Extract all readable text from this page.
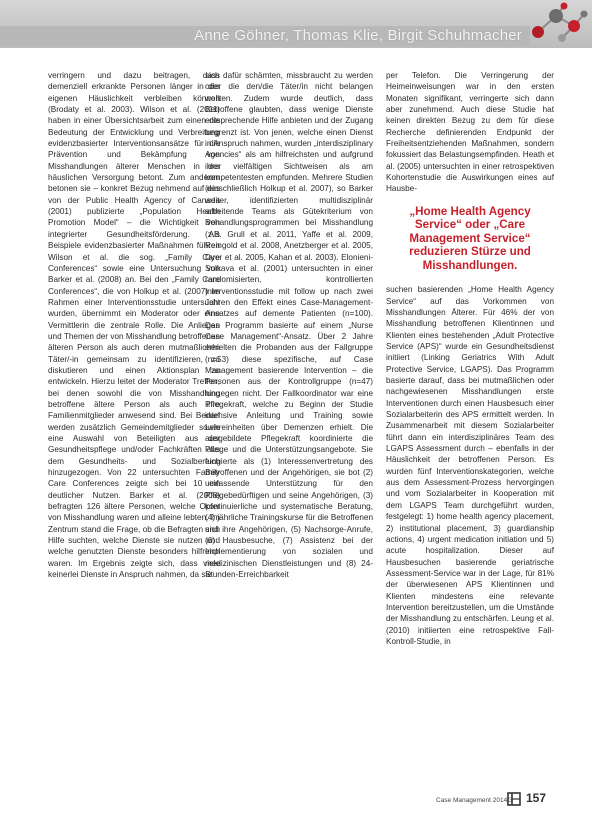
Anne Göhner, Thomas Klie, Birgit Schuhmacher

verringern und dazu beitragen, dass demenziell erkrankte Personen länger in der eigenen Häuslichkeit verbleiben können (Brodaty et al. 2003). Wilson et al. (2011) haben in einer Übersichtsarbeit zum einen die Bedeutung der Entwicklung und Verbreitung evidenzbasierter Interventionsansätze für die Prävention und Bekämpfung von Misshandlungen älterer Menschen in der häuslichen Versorgung betont. Zum anderen betonen sie – konkret Bezug nehmend auf das von der Public Health Agency of Canada (2001) publizierte „Population Health Promotion Model“ – die Wichtigkeit von integrierter Gesundheitsförderung. Als Beispiele evidenzbasierter Maßnahmen führen Wilson et al. die sog. „Family Care Conferences“ sowie eine Untersuchung von Barker et al. (2008) an. Bei den „Family Care Conferences“, die von Holkup et al. (2007) im Rahmen einer Interventionsstudie untersucht wurden, übernimmt ein Moderator oder eine Vermittlerin die zentrale Rolle. Die Anliegen und Themen der von Misshandlung betroffenen älteren Person als auch deren mutmaßlichen Täter/-in gemeinsam zu identifizieren, zu diskutieren und einen Aktionsplan zu entwickeln. Hierzu leitet der Moderator Treffen, bei denen sowohl die von Misshandlung betroffene ältere Person als auch ihre Familienmitglieder anwesend sind. Bei Bedarf werden zusätzlich Gemeindemitglieder sowie eine Auswahl von Beteiligten aus der Gesundheitspflege und/oder Fachkräften aus dem Gesundheits- und Sozialbereich hinzugezogen. Von 22 untersuchten Family Care Conferences zeigte sich bei 10 ein deutlicher Nutzen. Barker et al. (2008) befragten 126 ältere Personen, welche Opfer von Misshandlung waren und alleine lebten. Im Zentrum stand die Frage, ob die Befragten sich Hilfe suchten, welche Dienste sie nutzen und welche genutzten Dienste besonders hilfreich waren. Im Ergebnis zeigte sich, dass viele keinerlei Dienste in Anspruch nahmen, da sie

sich dafür schämten, missbraucht zu werden oder die den/die Täter/in nicht belangen wollten. Zudem wurde deutlich, dass Betroffene glaubten, dass wenige Dienste entsprechende Hilfe anbieten und der Zugang begrenzt ist. Von jenen, welche einen Dienst in Anspruch nahmen, wurden „interdisziplinary Agencies“ als am hilfreichsten und aufgrund ihrer vielfältigen Sichtweisen als am kompetentesten empfunden. Mehrere Studien (einschließlich Holkup et al. 2007), so Barker weiter, identifizierten multidisziplinär arbeitende Teams als Gütekriterium von Behandlungsprogrammen bei Misshandlung (z.B. Grull et al. 2011, Yaffe et al. 2009, Reingold et al. 2008, Anetzberger et al. 2005, Dyer et al. 2005, Kahan et al. 2003). Elonieni-Sulkava et al. (2001) untersuchten in einer randomisierten, kontrollierten Interventionsstudie mit follow up nach zwei Jahren den Effekt eines Case-Management-Ansatzes auf demente Patienten (n=100). Das Programm basierte auf einem „Nurse Case Management“-Ansatz. Über 2 Jahre erhielten die Probanden aus der Fallgruppe (n=53) diese spezifische, auf Case Management basierende Intervention – die Personen aus der Kontrollgruppe (n=47) hingegen nicht. Der Fallkoordinator war eine Pflegekraft, welche zu Beginn der Studie intensive Anleitung und Training sowie Lehreinheiten über Demenzen erhielt. Die ausgebildete Pflegekraft koordinierte die Pflege und die Unterstützungsangebote. Sie fungierte als (1) Interessenvertretung des Betroffenen und der Angehörigen, sie bot (2) umfassende Unterstützung für den Pflegebedürftigen und seine Angehörigen, (3) kontinuierliche und systematische Beratung, (4) jährliche Trainingskurse für die Betroffenen und ihre Angehörigen, (5) Nachsorge-Anrufe, (6) Hausbesuche, (7) Assistenz bei der Implementierung von sozialen und medizinischen Dienstleistungen und (8) 24-Stunden-Erreichbarkeit

per Telefon. Die Verringerung der Heimeinweisungen war in den ersten Monaten signifikant, verringerte sich dann aber zunehmend. Auch diese Studie hat keinen direkten Bezug zu dem für diese Recherche definierenden Endpunkt der Freiheitsentziehenden Maßnahmen, sondern fokussiert das Belastungsempfinden. Heath et al. (2005) untersuchten in einer retrospektiven Kohortenstudie die Auswirkungen eines auf Hausbe-

„Home Health Agency Service“ oder „Care Management Service“ reduzieren Stürze und Misshandlungen.

suchen basierenden „Home Health Agency Service“ auf das Vorkommen von Misshandlungen Älterer. Für 46% der von Misshandlung betroffenen Klientinnen und Klienten eines bestehenden „Adult Protective Service (APS)“ wurde ein Gesundheitsdienst initiiert (Linking Geriatrics With Adult Protective Service, LGAPS). Das Programm basierte darauf, dass bei mutmaßlichen oder nachgewiesenen Misshandlungen erste Interventionen durch einen Hausbesuch einer Sozialarbeiterin des APS ermittelt werden. In Zusammenarbeit mit diesem Sozialarbeiter führt dann ein interdisziplinäres Team des LGAPS Assessment durch – ebenfalls in der Häuslichkeit der betroffenen Person. Es wurden fünf Interventionskategorien, welche aus dem Assessment-Prozess hervorgingen und vom Sozialarbeiter in Kooperation mit dem LGAPS Team durchgeführt wurden, festgelegt: 1) home health agency placement, 2) institutional placement, 3) guardianship actions, 4) urgent medication initiation und 5) acute hospitalization. Dieser auf Hausbesuchen basierende geriatrische Assessment-Service war in der Lage, für 81% der überwiesenen APS Klientinnen und Klienten mindestens eine relevante Intervention bereitzustellen, um die Umstände der Misshandlung zu entschärfen. Leung et al. (2010) initiierten eine retrospektive Fall-Kontroll-Studie, in

Case Management 2014/3 157
